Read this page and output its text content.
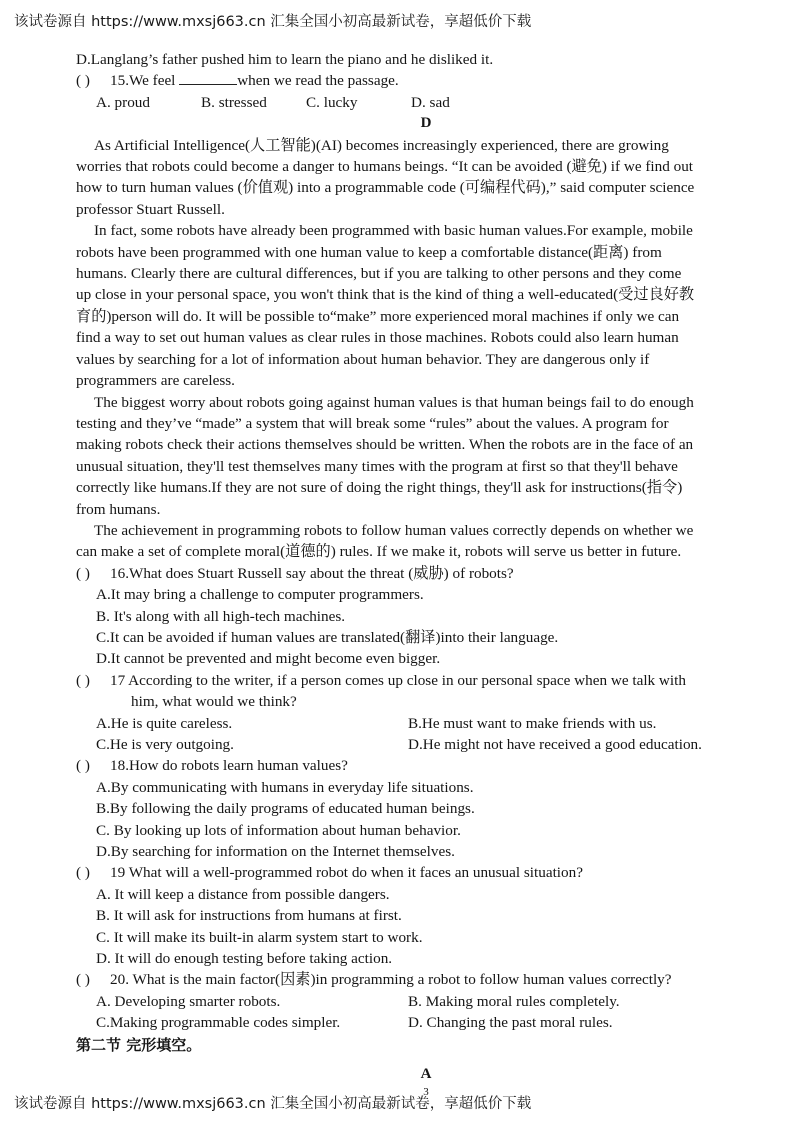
该试卷源自 https://www.mxsj663.cn 汇集全国小初高最新试卷，享超低价下载
D.Langlang’s father pushed him to learn the piano and he disliked it.
( ) 15.We feel	when we read the passage.
A. proud	B. stressed	C. lucky	D. sad
D
As Artificial Intelligence(人工智能)(AI) becomes increasingly experienced, there are growing
worries that robots could become a danger to humans beings. “It can be avoided (避免) if we find out
how to turn human values (价值观) into a programmable code (可编程代码),” said computer science
professor Stuart Russell.
In fact, some robots have already been programmed with basic human values.For example, mobile
robots have been programmed with one human value to keep a comfortable distance(距离) from
humans. Clearly there are cultural differences, but if you are talking to other persons and they come
up close in your personal space, you won't think that is the kind of thing a well-educated(受过良好教
育的)person will do. It will be possible to“make” more experienced moral machines if only we can
find a way to set out human values as clear rules in those machines. Robots could also learn human
values by searching for a lot of information about human behavior. They are dangerous only if
programmers are careless.
The biggest worry about robots going against human values is that human beings fail to do enough
testing and they’ve “made” a system that will break some “rules” about the values. A program for
making robots check their actions themselves should be written. When the robots are in the face of an
unusual situation, they'll test themselves many times with the program at first so that they'll behave
correctly like humans.If they are not sure of doing the right things, they'll ask for instructions(指令)
from humans.
The achievement in programming robots to follow human values correctly depends on whether we
can make a set of complete moral(道德的) rules. If we make it, robots will serve us better in future.
( ) 16.What does Stuart Russell say about the threat (威胁) of robots?
A.It may bring a challenge to computer programmers.
B. It's along with all high-tech machines.
C.It can be avoided if human values are translated(翻译)into their language.
D.It cannot be prevented and might become even bigger.
( ) 17 According to the writer, if a person comes up close in our personal space when we talk with
him, what would we think?
A.He is quite careless.	B.He must want to make friends with us.
C.He is very outgoing.	D.He might not have received a good education.
( ) 18.How do robots learn human values?
A.By communicating with humans in everyday life situations.
B.By following the daily programs of educated human beings.
C. By looking up lots of information about human behavior.
D.By searching for information on the Internet themselves.
( ) 19 What will a well-programmed robot do when it faces an unusual situation?
A. It will keep a distance from possible dangers.
B. It will ask for instructions from humans at first.
C. It will make its built-in alarm system start to work.
D. It will do enough testing before taking action.
( ) 20. What is the main factor(因素)in programming a robot to follow human values correctly?
A. Developing smarter robots.	B. Making moral rules completely.
C.Making programmable codes simpler.	D. Changing the past moral rules.
第二节 完形填空。
A
3
该试卷源自 https://www.mxsj663.cn 汇集全国小初高最新试卷，享超低价下载
